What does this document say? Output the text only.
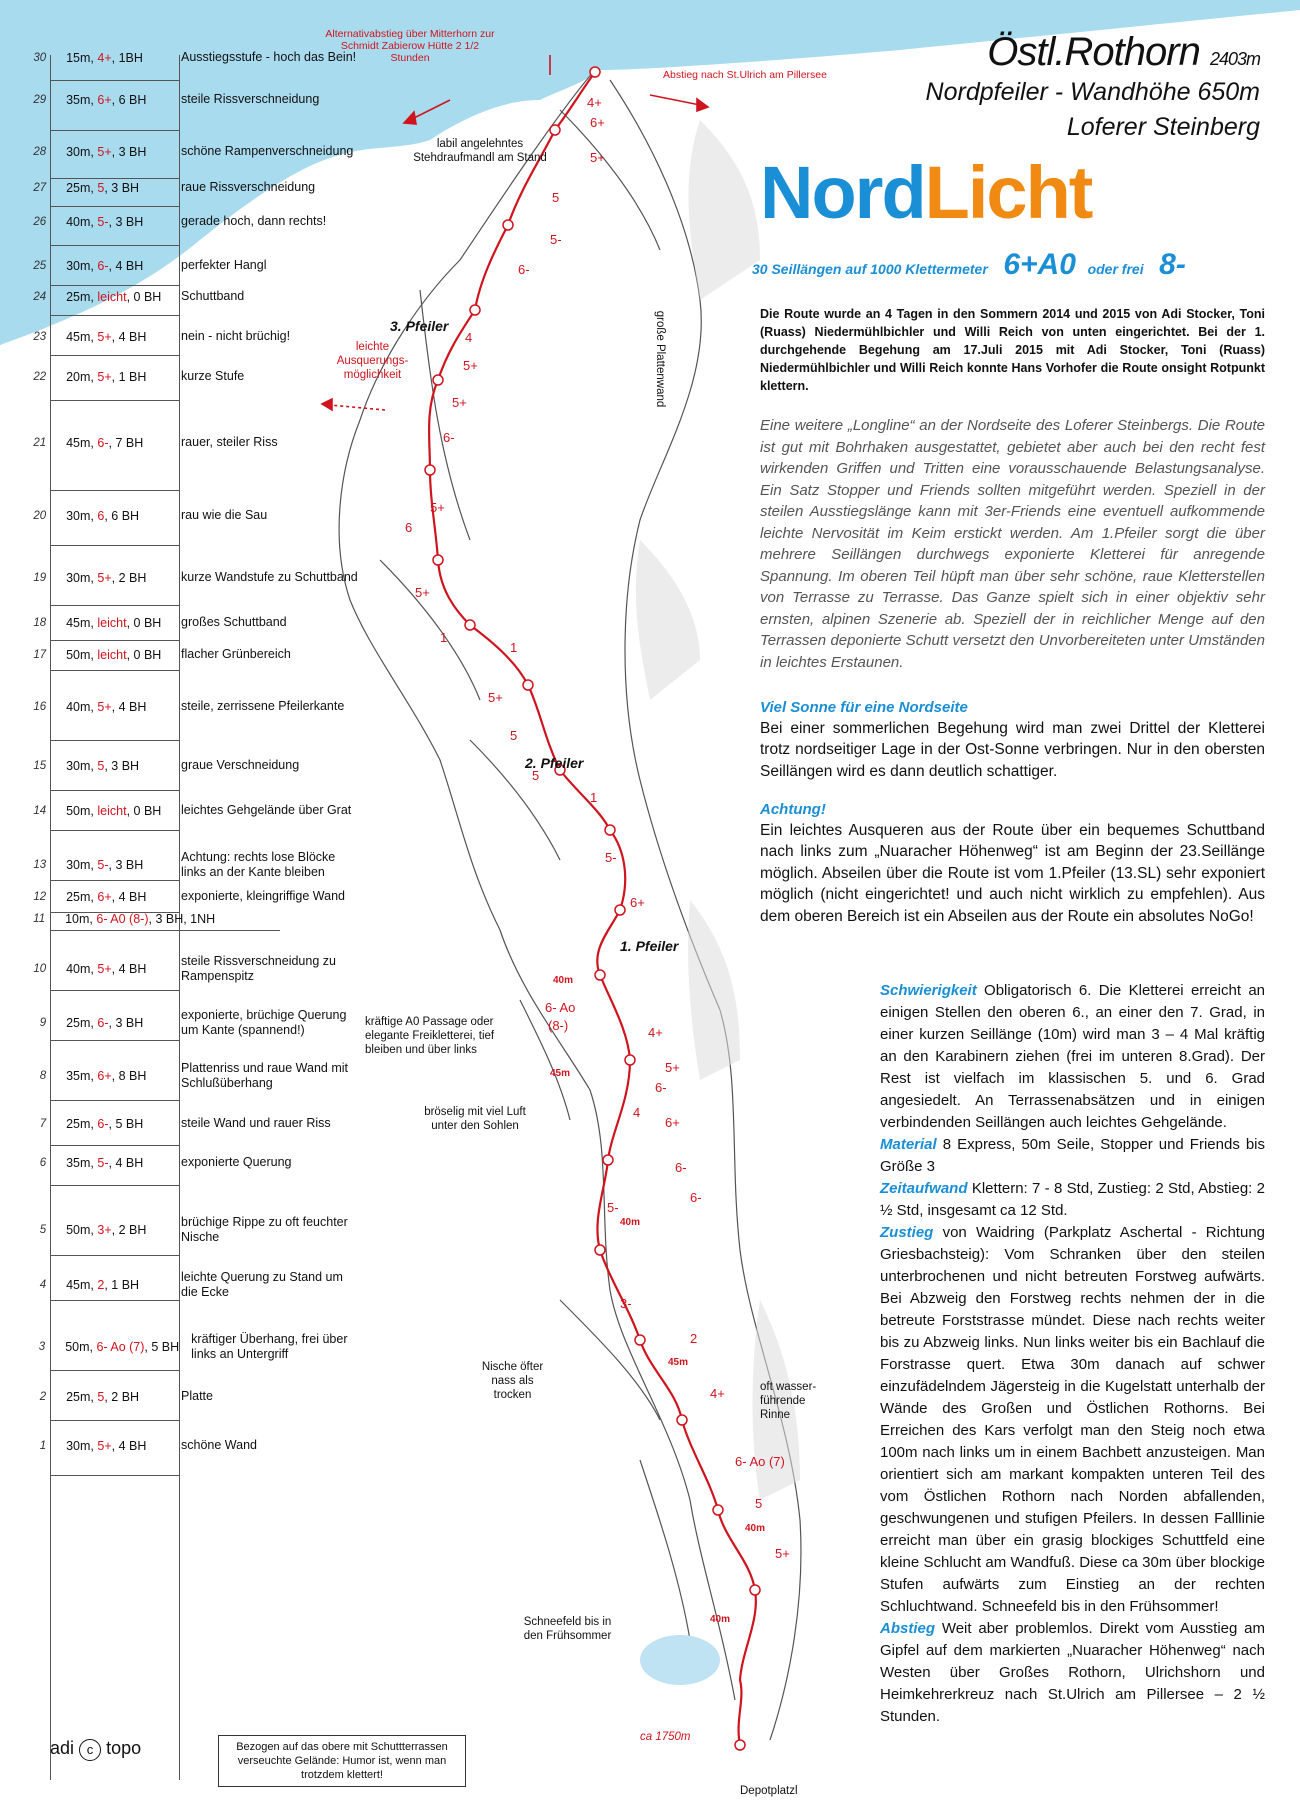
30	15m, 4+, 1BH	Ausstiegsstufe - hoch das Bein!
29	35m, 6+, 6 BH	steile Rissverschneidung
28	30m, 5+, 3 BH	schöne Rampenverschneidung
27	25m, 5, 3 BH	raue Rissverschneidung
26	40m, 5-, 3 BH	gerade hoch, dann rechts!
25	30m, 6-, 4 BH	perfekter Hangl
24	25m, leicht, 0 BH	Schuttband
23	45m, 5+, 4 BH	nein - nicht brüchig!
22	20m, 5+, 1 BH	kurze Stufe
21	45m, 6-, 7 BH	rauer, steiler Riss
20	30m, 6, 6 BH	rau wie die Sau
19	30m, 5+, 2 BH	kurze Wandstufe zu Schuttband
18	45m, leicht, 0 BH	großes Schuttband
17	50m, leicht, 0 BH	flacher Grünbereich
16	40m, 5+, 4 BH	steile, zerrissene Pfeilerkante
15	30m, 5, 3 BH	graue Verschneidung
14	50m, leicht, 0 BH	leichtes Gehgelände über Grat
13	30m, 5-, 3 BH
Achtung: rechts lose Blöcke links an der Kante bleiben
12	25m, 6+, 4 BH	exponierte, kleingriffige Wand
11	10m, 6- A0 (8-), 3 BH, 1NH
10	40m, 5+, 4 BH
steile Rissverschneidung zu Rampenspitz
9	25m, 6-, 3 BH
exponierte, brüchige Querung um Kante (spannend!)
8	35m, 6+, 8 BH
Plattenriss und raue Wand mit Schlußüberhang
7	25m, 6-, 5 BH	steile Wand und rauer Riss
6	35m, 5-, 4 BH	exponierte Querung
5	50m, 3+, 2 BH
brüchige Rippe zu oft feuchter Nische
4	45m, 2, 1 BH
leichte Querung zu Stand um die Ecke
3	50m, 6- Ao (7), 5 BH
kräftiger Überhang, frei über links an Untergriff
2	25m, 5, 2 BH	Platte
1	30m, 5+, 4 BH	schöne Wand
Östl.Rothorn 2403m
Nordpfeiler - Wandhöhe 650m
Loferer Steinberg
NordLicht
30 Seillängen auf 1000 Klettermeter 6+A0 oder frei 8-
Die Route wurde an 4 Tagen in den Sommern 2014 und 2015 von Adi Stocker, Toni (Ruass) Niedermühlbichler und Willi Reich von unten eingerichtet. Bei der 1. durchgehende Begehung am 17.Juli 2015 mit Adi Stocker, Toni (Ruass) Niedermühlbichler und Willi Reich konnte Hans Vorhofer die Route onsight Rotpunkt klettern.
Eine weitere „Longline“ an der Nordseite des Loferer Steinbergs. Die Route ist gut mit Bohrhaken ausgestattet, gebietet aber auch bei den recht fest wirkenden Griffen und Tritten eine vorausschauende Belastungsanalyse. Ein Satz Stopper und Friends sollten mitgeführt werden. Speziell in der steilen Ausstiegslänge kann mit 3er-Friends eine eventuell aufkommende leichte Nervosität im Keim erstickt werden. Am 1.Pfeiler sorgt die über mehrere Seillängen durchwegs exponierte Kletterei für anregende Spannung. Im oberen Teil hüpft man über sehr schöne, raue Kletterstellen von Terrasse zu Terrasse. Das Ganze spielt sich in einer objektiv sehr ernsten, alpinen Szenerie ab. Speziell der in reichlicher Menge auf den Terrassen deponierte Schutt versetzt den Unvorbereiteten unter Umständen in leichtes Erstaunen.
Viel Sonne für eine Nordseite
Bei einer sommerlichen Begehung wird man zwei Drittel der Kletterei trotz nordseitiger Lage in der Ost-Sonne verbringen. Nur in den obersten Seillängen wird es dann deutlich schattiger.
Achtung!
Ein leichtes Ausqueren aus der Route über ein bequemes Schuttband nach links zum „Nuaracher Höhenweg“ ist am Beginn der 23.Seillänge möglich. Abseilen über die Route ist vom 1.Pfeiler (13.SL) sehr exponiert möglich (nicht eingerichtet! und auch nicht wirklich zu empfehlen). Aus dem oberen Bereich ist ein Abseilen aus der Route ein absolutes NoGo!
Schwierigkeit Obligatorisch 6. Die Kletterei erreicht an einigen Stellen den oberen 6., an einer den 7. Grad, in einer kurzen Seillänge (10m) wird man 3 – 4 Mal kräftig an den Karabinern ziehen (frei im unteren 8.Grad). Der Rest ist vielfach im klassischen 5. und 6. Grad angesiedelt. An Terrassenabsätzen und in einigen verbindenden Seillängen auch leichtes Gehgelände.
Material 8 Express, 50m Seile, Stopper und Friends bis Größe 3
Zeitaufwand Klettern: 7 - 8 Std, Zustieg: 2 Std, Abstieg: 2 ½ Std, insgesamt ca 12 Std.
Zustieg von Waidring (Parkplatz Aschertal - Richtung Griesbachsteig): Vom Schranken über den steilen unterbrochenen und nicht betreuten Forstweg aufwärts. Bei Abzweig den Forstweg rechts nehmen der in die betreute Forststrasse mündet. Diese nach rechts weiter bis zu Abzweig links. Nun links weiter bis ein Bachlauf die Forstrasse quert. Etwa 30m danach auf schwer einzufädelndem Jägersteig in die Kugelstatt unterhalb der Wände des Großen und Östlichen Rothorns. Bei Erreichen des Kars verfolgt man den Steig noch etwa 100m nach links um in einem Bachbett anzusteigen. Man orientiert sich am markant kompakten unteren Teil des vom Östlichen Rothorn nach Norden abfallenden, geschwungenen und stufigen Pfeilers. In dessen Falllinie erreicht man über ein grasig blockiges Schuttfeld eine kleine Schlucht am Wandfuß. Diese ca 30m über blockige Stufen aufwärts zum Einstieg an der rechten Schluchtwand. Schneefeld bis in den Frühsommer!
Abstieg Weit aber problemlos. Direkt vom Ausstieg am Gipfel auf dem markierten „Nuaracher Höhenweg“ nach Westen über Großes Rothorn, Ulrichshorn und Heimkehrerkreuz nach St.Ulrich am Pillersee – 2 ½ Stunden.
Alternativabstieg über Mitterhorn zur Schmidt Zabierow Hütte 2 1/2 Stunden
Abstieg nach St.Ulrich am Pillersee
labil angelehntes Stehdraufmandl am Stand
3. Pfeiler
2. Pfeiler
1. Pfeiler
leichte Ausquerungs-möglichkeit	große Plattenwand
kräftige A0 Passage oder elegante Freikletterei, tief bleiben und über links
bröselig mit viel Luft unter den Sohlen
Nische öfter nass als trocken
oft wasser-führende Rinne
Schneefeld bis in den Frühsommer
ca 1750m
Depotplatzl
40m
45m
40m
45m
40m
40m
4+
6+
5+
5
5-
6-
4
5+
5+
6-
5+
6
5+
1
1
5+
5
5
1
5-
6+
6- Ao
(8-)	4+
5+
6-
4
6+
6-
6-
5-
3-
2
4+
6- Ao (7)
5
5+
Bezogen auf das obere mit Schuttterrassen verseuchte Gelände: Humor ist, wenn man trotzdem klettert!
adi c topo
